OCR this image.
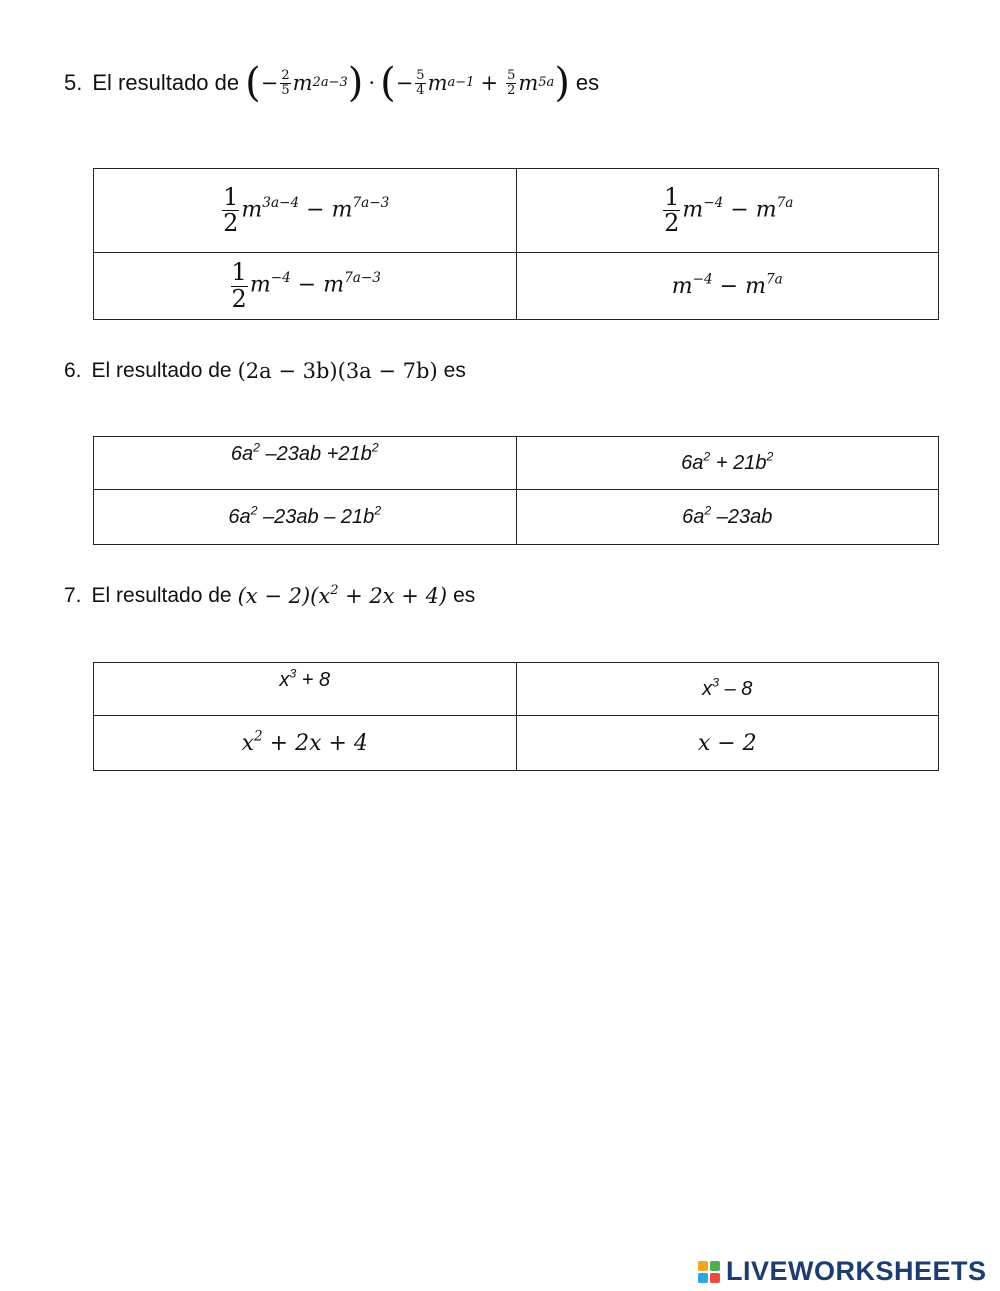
5. El resultado de ( − $\frac{2}{5}$ m 2a−3 ) · ( − $\frac{5}{4}$ m $a-1 + \frac{5}{2}$ m 5a ) es
$\frac{1}{2} m^{3a-4} - m^{7a-3}$	$\frac{1}{2} m^{-4} - m^{7a}$

$\frac{1}{2} m^{-4} - m^{7a-3}$	$m^{-4} - m^{7a}$
6. El resultado de (2a − 3b)(3a − 7b) es
$6a^2$ $-23ab +21b^2$	$6a^2 + 21b^2$
$6a^2$ $-23ab - 21b^2$	$6a^2$ –23ab
7. El resultado de $(x - 2)(x^2 + 2x + 4)$ es
$x^3 + 8$	$x^3 - 8$
$x^2 + 2x + 4$	x − 2
LIVEWORKSHEETS
